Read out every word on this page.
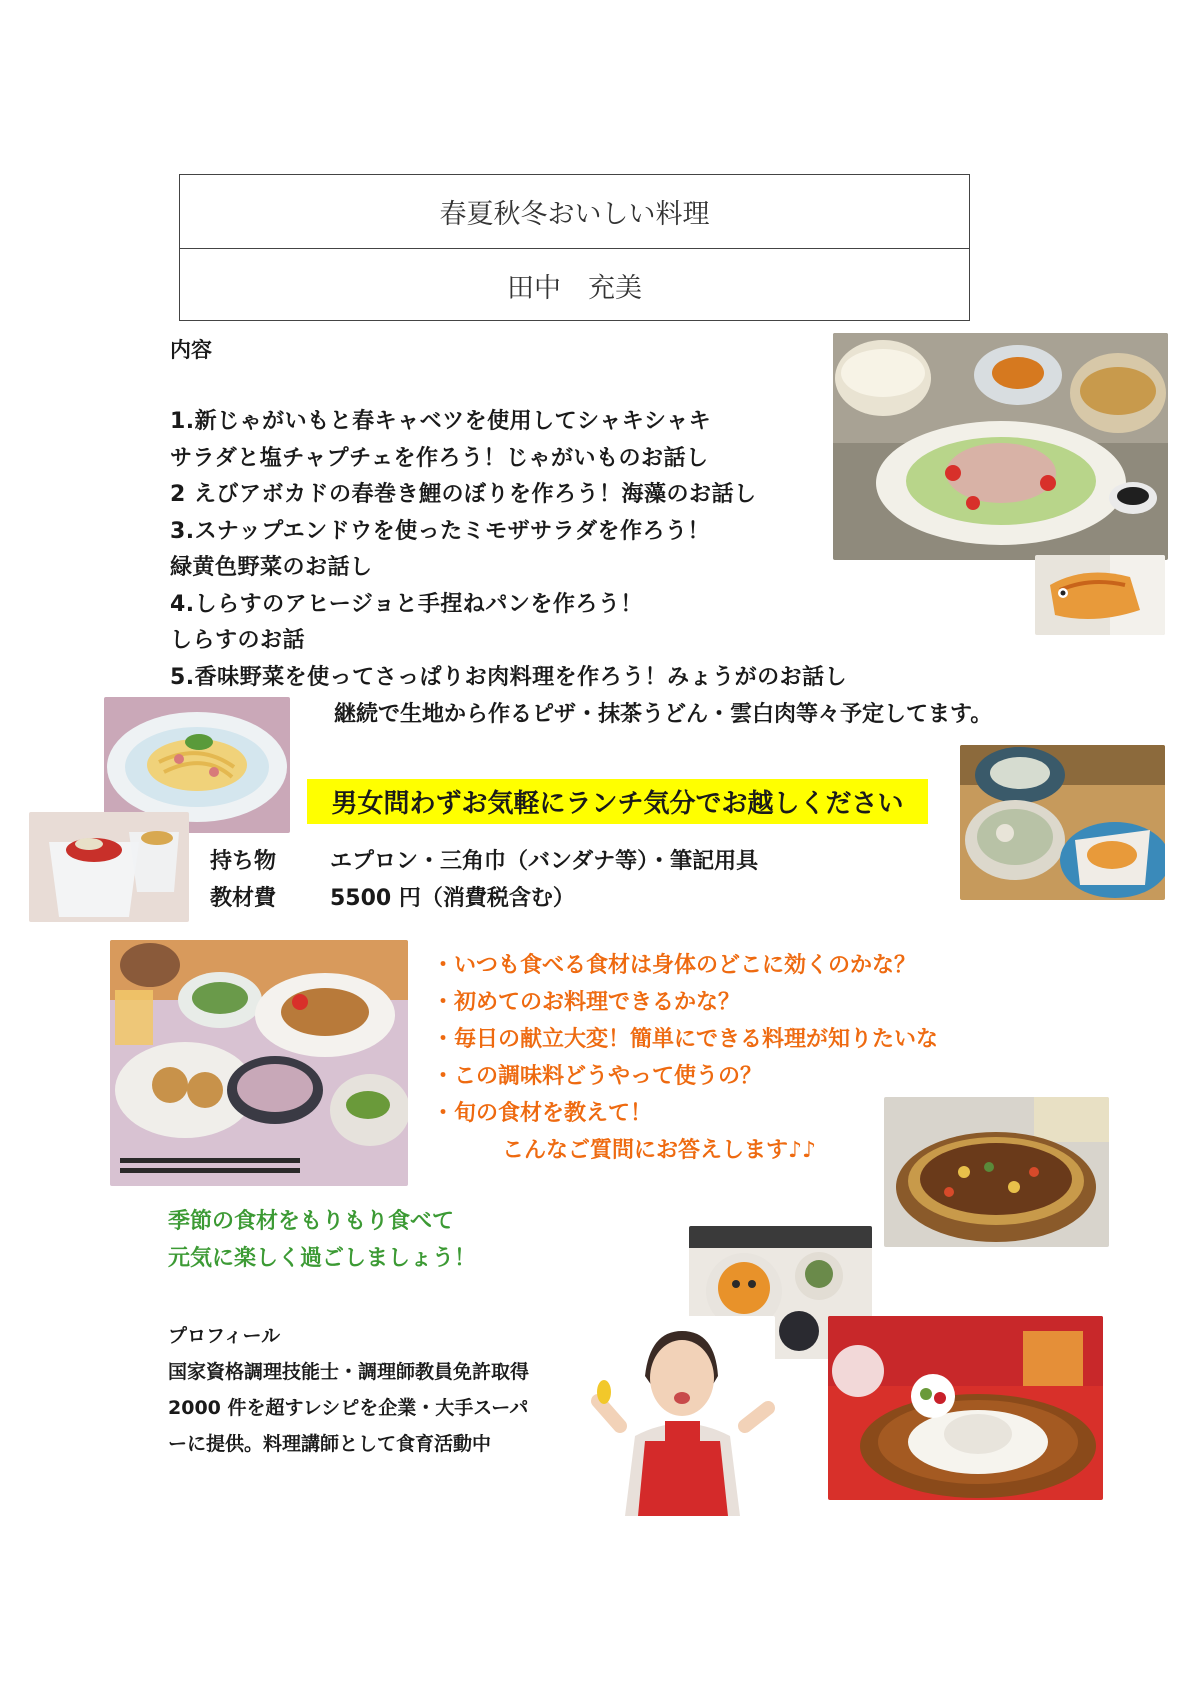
春夏秋冬おいしい料理
田中　充美
内容
1.新じゃがいもと春キャベツを使用してシャキシャキ
サラダと塩チャプチェを作ろう！じゃがいものお話し
2 えびアボカドの春巻き鯉のぼりを作ろう！海藻のお話し
3.スナップエンドウを使ったミモザサラダを作ろう！
緑黄色野菜のお話し
4.しらすのアヒージョと手捏ねパンを作ろう！
しらすのお話
5.香味野菜を使ってさっぱりお肉料理を作ろう！みょうがのお話し
継続で生地から作るピザ・抹茶うどん・雲白肉等々予定してます。
男女問わずお気軽にランチ気分でお越しください
持ち物 エプロン・三角巾（バンダナ等）・筆記用具
教材費 5500 円（消費税含む）
・いつも食べる食材は身体のどこに効くのかな？
・初めてのお料理できるかな？
・毎日の献立大変！簡単にできる料理が知りたいな
・この調味料どうやって使うの？
・旬の食材を教えて！
こんなご質問にお答えします♪♪
季節の食材をもりもり食べて
元気に楽しく過ごしましょう！
プロフィール
国家資格調理技能士・調理師教員免許取得
2000 件を超すレシピを企業・大手スーパ
ーに提供。料理講師として食育活動中
